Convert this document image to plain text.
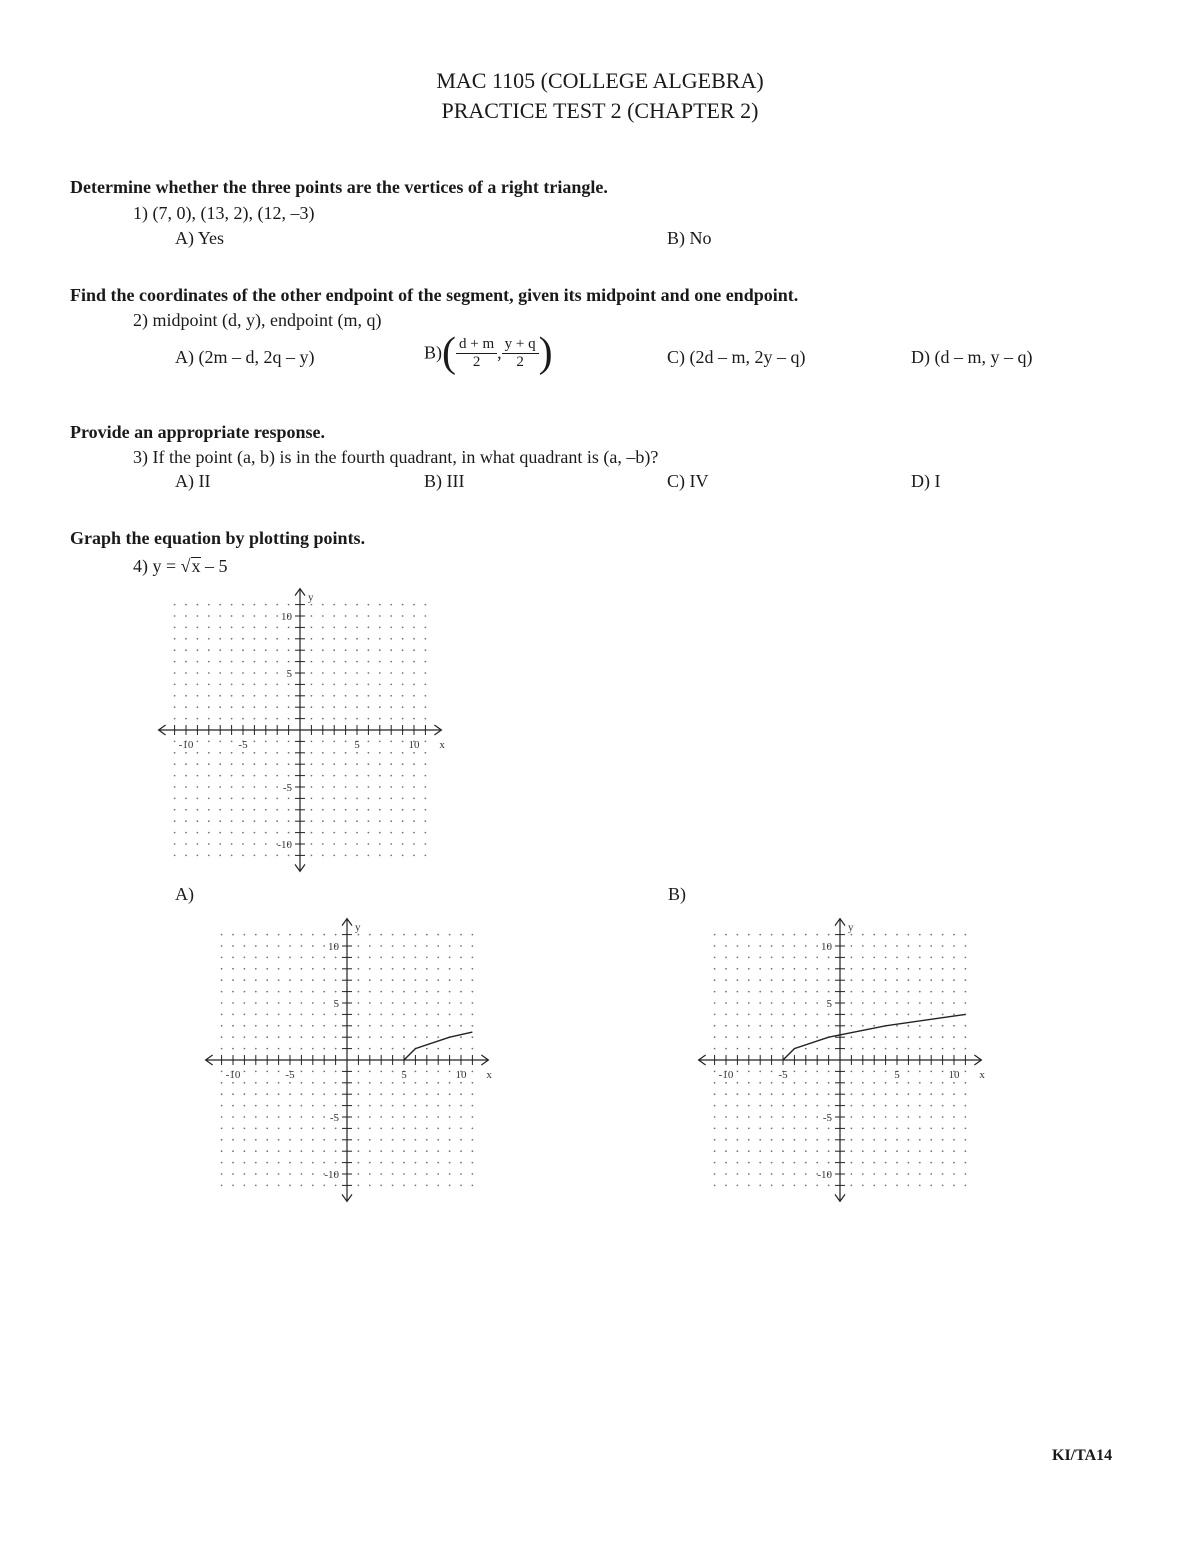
MAC 1105 (COLLEGE ALGEBRA)
PRACTICE TEST 2 (CHAPTER 2)
Determine whether the three points are the vertices of a right triangle.
1) (7, 0), (13, 2), (12, –3)
A) Yes	B) No
Find the coordinates of the other endpoint of the segment, given its midpoint and one endpoint.
2) midpoint (d, y), endpoint (m, q)
A) (2m – d, 2q – y)	$B)( \frac{d + m}{2}$ , $\frac{y + q}{2}$ )	C) (2d – m, 2y – q)	D) (d – m, y – q)
Provide an appropriate response.
3) If the point (a, b) is in the fourth quadrant, in what quadrant is (a, –b)?
A) II	B) III	C) IV	D) I
Graph the equation by plotting points.
4) y = √x – 5
-10
-10
-5
-5
5
5
10
10
x
y
A)	B)
-10
-10
-5
-5
5
5
10
10
x
y
-10
-10
-5
-5
5
5
10
10
x
y
KI/TA14
